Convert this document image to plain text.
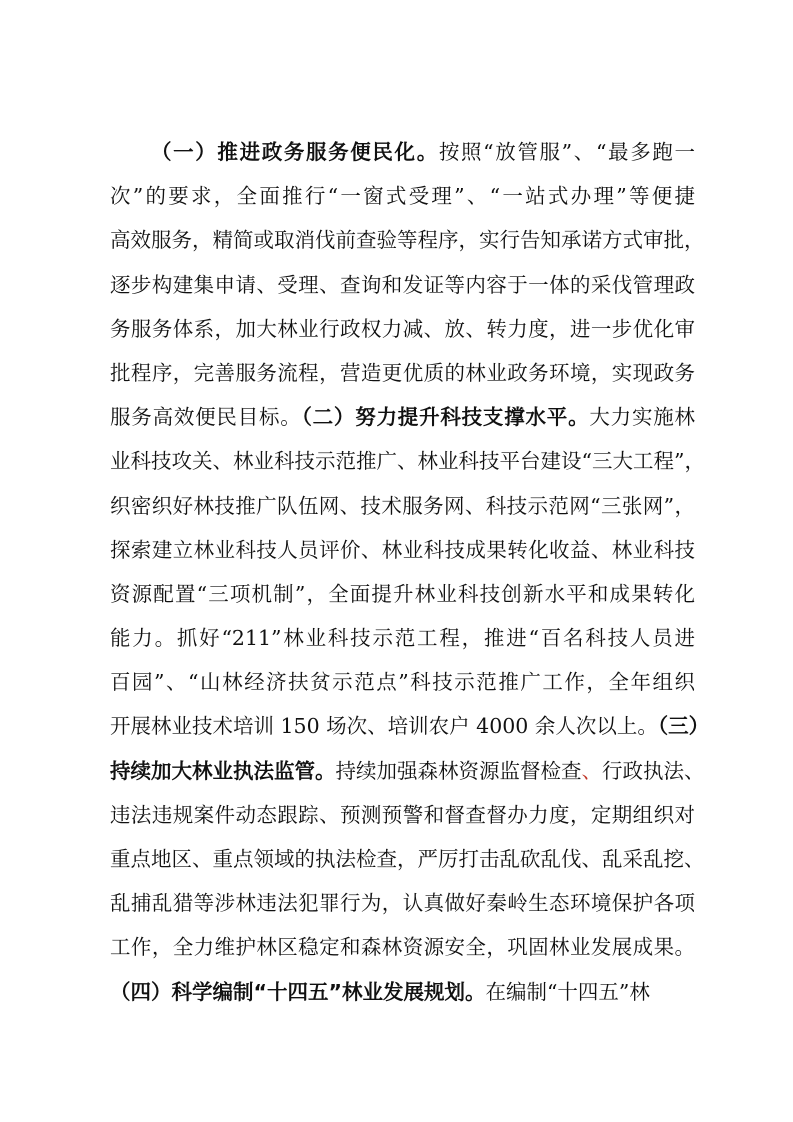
（一）推进政务服务便民化。按照“放管服”、“最多跑一
次”的要求，全面推行“一窗式受理”、“一站式办理”等便捷
高效服务，精简或取消伐前查验等程序，实行告知承诺方式审批，
逐步构建集申请、受理、查询和发证等内容于一体的采伐管理政
务服务体系，加大林业行政权力减、放、转力度，进一步优化审
批程序，完善服务流程，营造更优质的林业政务环境，实现政务
服务高效便民目标。（二）努力提升科技支撑水平。大力实施林
业科技攻关、林业科技示范推广、林业科技平台建设“三大工程”，
织密织好林技推广队伍网、技术服务网、科技示范网“三张网”，
探索建立林业科技人员评价、林业科技成果转化收益、林业科技
资源配置“三项机制”，全面提升林业科技创新水平和成果转化
能力。抓好“211”林业科技示范工程，推进“百名科技人员进
百园”、“山林经济扶贫示范点”科技示范推广工作，全年组织
开展林业技术培训 150 场次、培训农户 4000 余人次以上。（三）
持续加大林业执法监管。持续加强森林资源监督检查、行政执法、
违法违规案件动态跟踪、预测预警和督查督办力度，定期组织对
重点地区、重点领域的执法检查，严厉打击乱砍乱伐、乱采乱挖、
乱捕乱猎等涉林违法犯罪行为，认真做好秦岭生态环境保护各项
工作，全力维护林区稳定和森林资源安全，巩固林业发展成果。
（四）科学编制“十四五”林业发展规划。在编制“十四五”林
